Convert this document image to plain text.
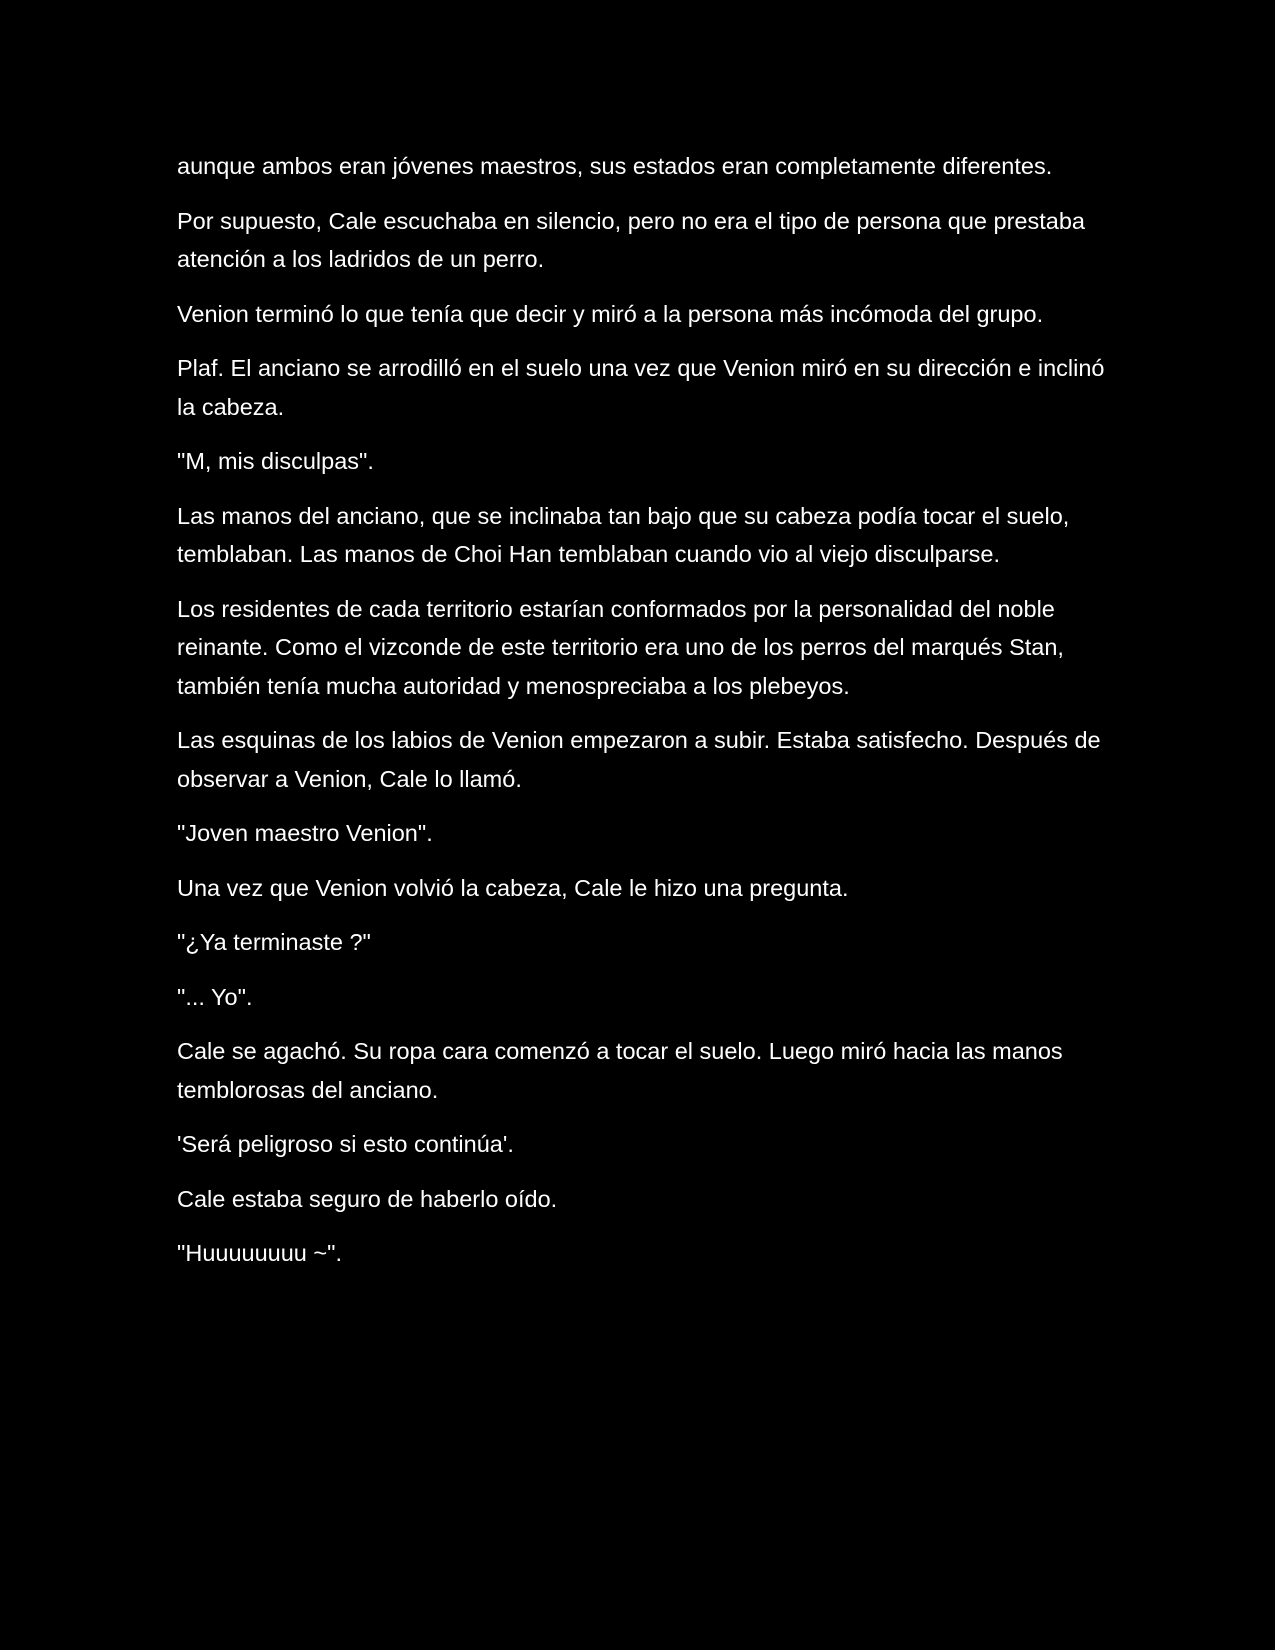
aunque ambos eran jóvenes maestros, sus estados eran completamente diferentes.

Por supuesto, Cale escuchaba en silencio, pero no era el tipo de persona que prestaba atención a los ladridos de un perro.

Venion terminó lo que tenía que decir y miró a la persona más incómoda del grupo.

Plaf. El anciano se arrodilló en el suelo una vez que Venion miró en su dirección e inclinó la cabeza.

"M, mis disculpas".

Las manos del anciano, que se inclinaba tan bajo que su cabeza podía tocar el suelo, temblaban. Las manos de Choi Han temblaban cuando vio al viejo disculparse.

Los residentes de cada territorio estarían conformados por la personalidad del noble reinante. Como el vizconde de este territorio era uno de los perros del marqués Stan, también tenía mucha autoridad y menospreciaba a los plebeyos.

Las esquinas de los labios de Venion empezaron a subir. Estaba satisfecho. Después de observar a Venion, Cale lo llamó.

"Joven maestro Venion".

Una vez que Venion volvió la cabeza, Cale le hizo una pregunta.

"¿Ya terminaste ?"

"... Yo".

Cale se agachó. Su ropa cara comenzó a tocar el suelo. Luego miró hacia las manos temblorosas del anciano.

'Será peligroso si esto continúa'.

Cale estaba seguro de haberlo oído.

"Huuuuuuuu ~".
